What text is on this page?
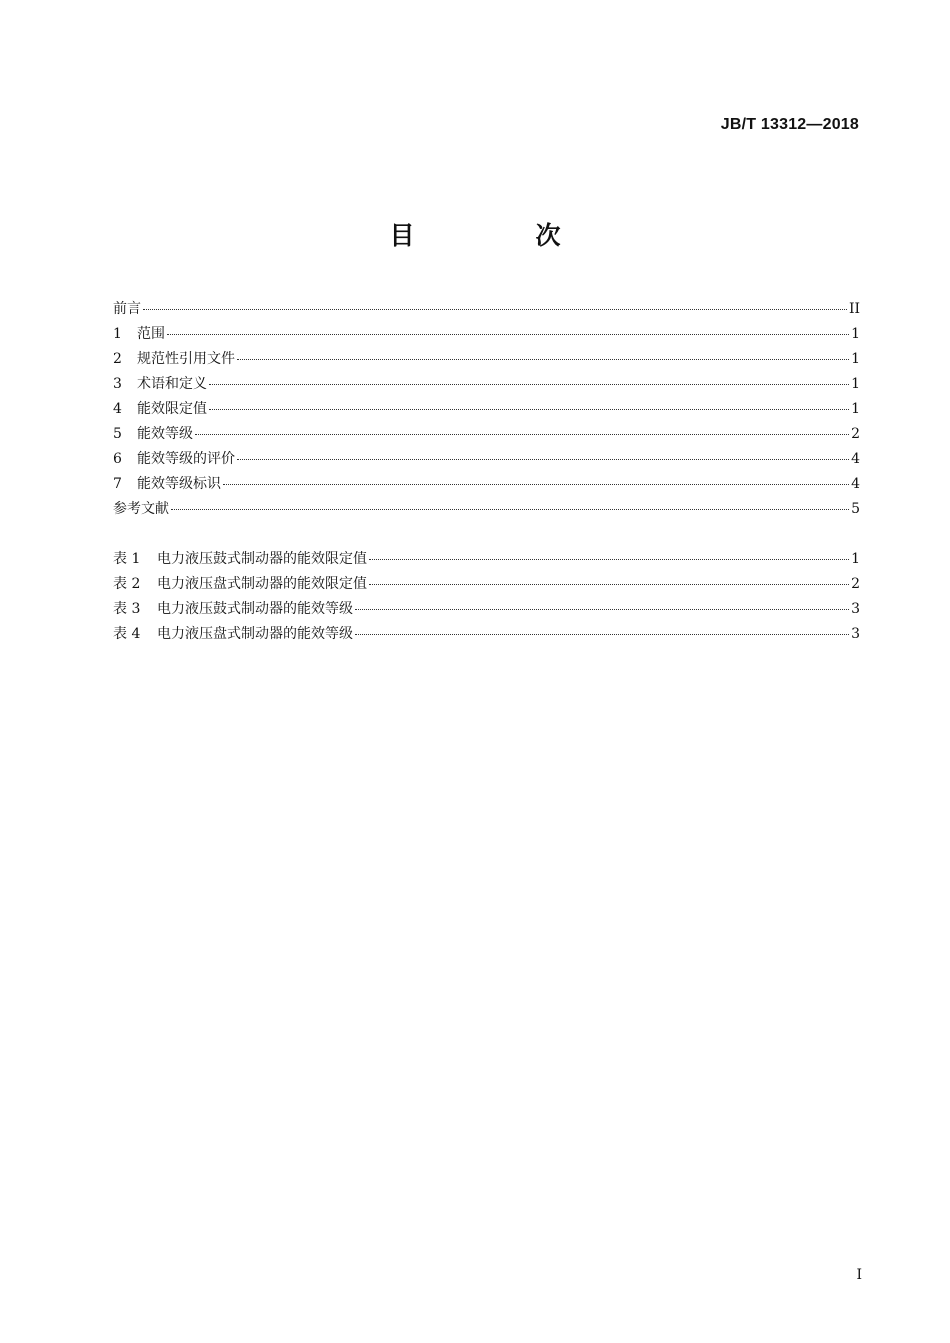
JB/T 13312—2018
目　次
前言	II
1	范围	1
2	规范性引用文件	1
3	术语和定义	1
4	能效限定值	1
5	能效等级	2
6	能效等级的评价	4
7	能效等级标识	4
参考文献	5
表 1	电力液压鼓式制动器的能效限定值	1
表 2	电力液压盘式制动器的能效限定值	2
表 3	电力液压鼓式制动器的能效等级	3
表 4	电力液压盘式制动器的能效等级	3
I
